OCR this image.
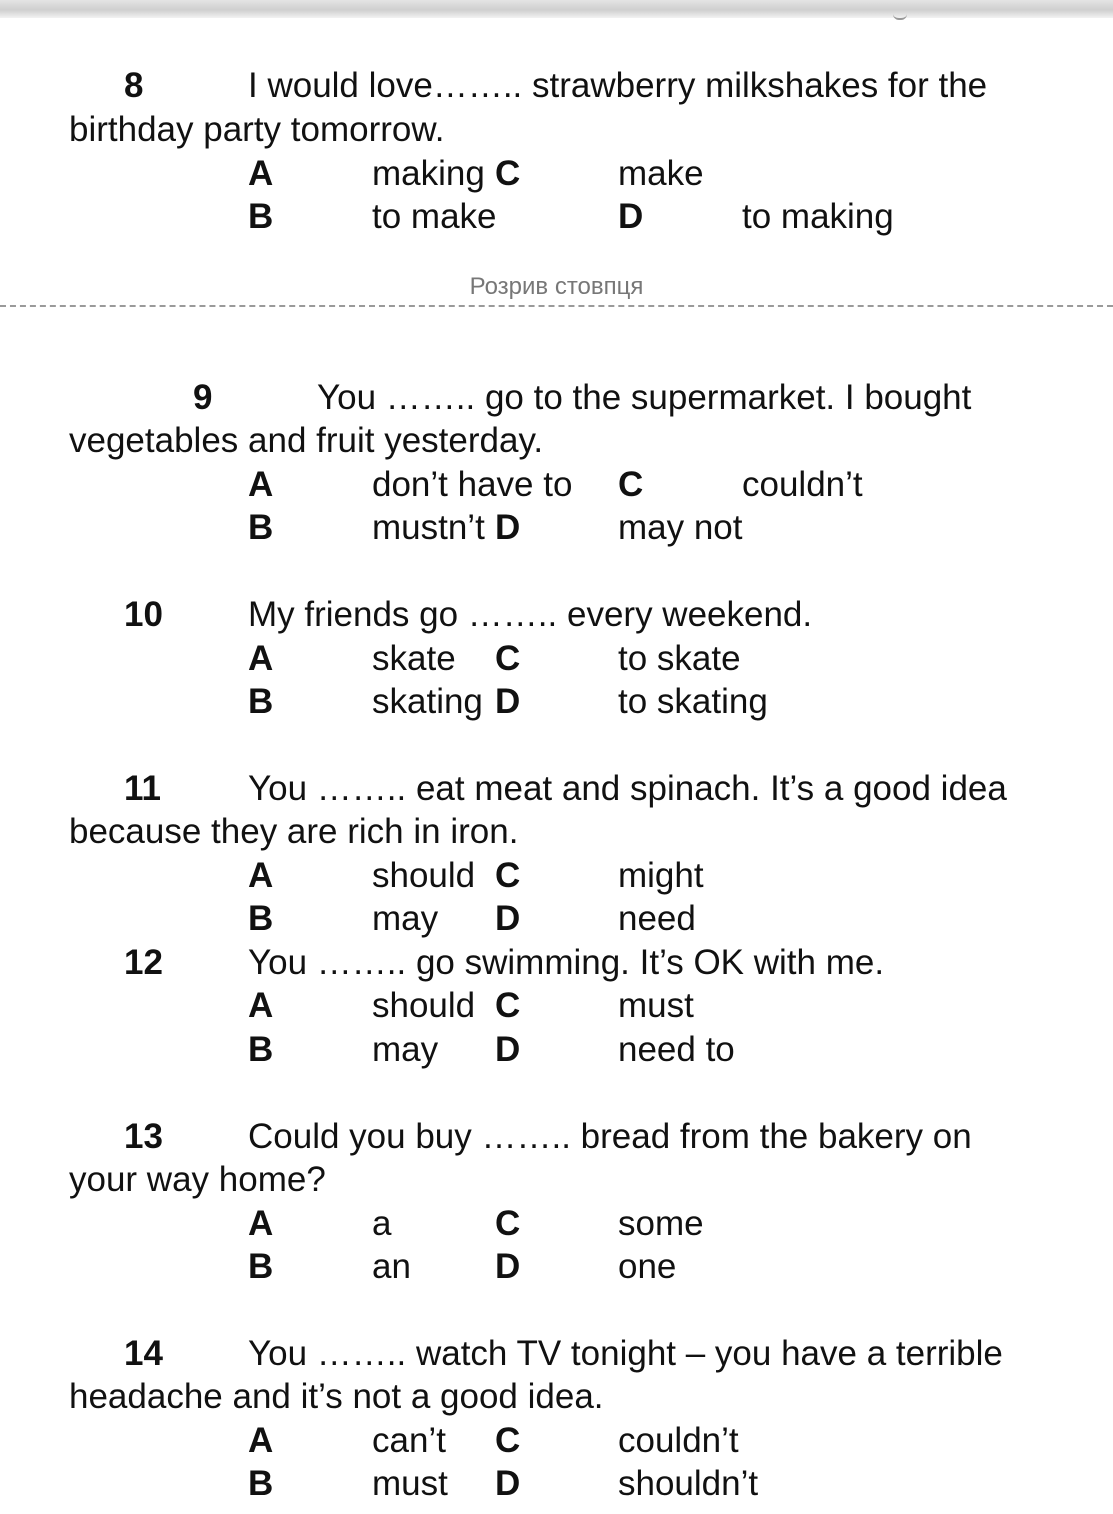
8	I would love…….. strawberry milkshakes for the
birthday party tomorrow.
A	making C	make
B	to make	D	to making
Розрив стовпця
9	You …….. go to the supermarket. I bought
vegetables and fruit yesterday.
A	don’t have to C	couldn’t
B	mustn’t D	may not
10 My friends go …….. every weekend.
A	skate C	to skate
B	skating D	to skating
11 You …….. eat meat and spinach. It’s a good idea
because they are rich in iron.
A	should C	might
B	may D	need
12 You …….. go swimming. It’s OK with me.
A	should C	must
B	may D	need to
13 Could you buy …….. bread from the bakery on
your way home?
A	a	C	some
B	an D	one
14 You …….. watch TV tonight – you have a terrible
headache and it’s not a good idea.
A	can’t C	couldn’t
B	must D	shouldn’t
